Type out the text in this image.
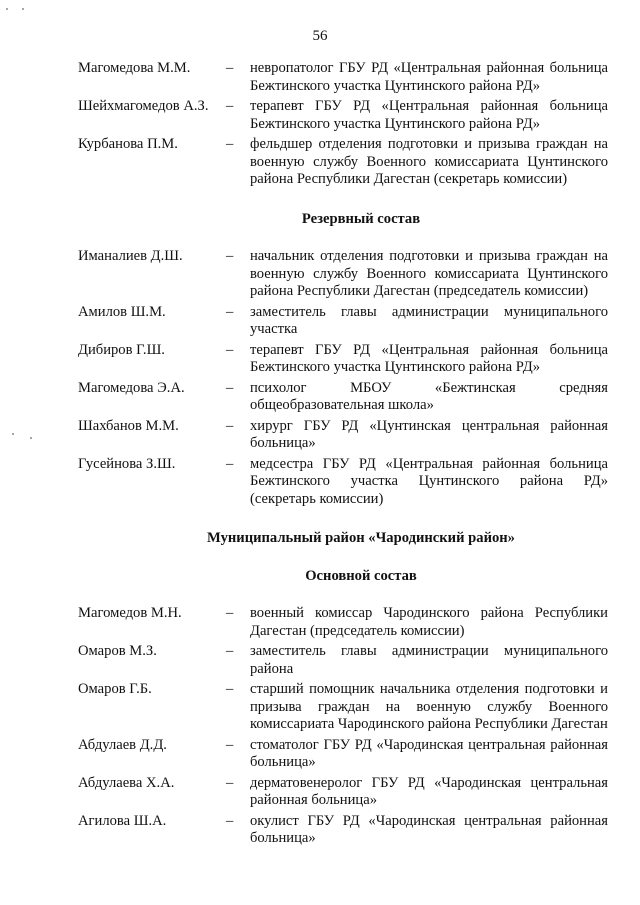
56
Магомедова М.М.	–	невропатолог ГБУ РД «Центральная районная больница Бежтинского участка Цунтинского района РД»
Шейхмагомедов А.З.	–	терапевт ГБУ РД «Центральная районная больница Бежтинского участка Цунтинского района РД»
Курбанова П.М.	–	фельдшер отделения подготовки и призыва граждан на военную службу Военного комиссариата Цунтинского района Республики Дагестан (секретарь комиссии)
Резервный состав
Иманалиев Д.Ш.	–	начальник отделения подготовки и призыва граждан на военную службу Военного комиссариата Цунтинского района Республики Дагестан (председатель комиссии)
Амилов Ш.М.	–	заместитель главы администрации муниципального участка
Дибиров Г.Ш.	–	терапевт ГБУ РД «Центральная районная больница Бежтинского участка Цунтинского района РД»
Магомедова Э.А.	–	психолог МБОУ «Бежтинская средняя общеобразовательная школа»
Шахбанов М.М.	–	хирург ГБУ РД «Цунтинская центральная районная больница»
Гусейнова З.Ш.	–	медсестра ГБУ РД «Центральная районная больница Бежтинского участка Цунтинского района РД» (секретарь комиссии)
Муниципальный район «Чародинский район»
Основной состав
Магомедов М.Н.	–	военный комиссар Чародинского района Республики Дагестан (председатель комиссии)
Омаров М.З.	–	заместитель главы администрации муниципального района
Омаров Г.Б.	–	старший помощник начальника отделения подготовки и призыва граждан на военную службу Военного комиссариата Чародинского района Республики Дагестан
Абдулаев Д.Д.	–	стоматолог ГБУ РД «Чародинская центральная районная больница»
Абдулаева Х.А.	–	дерматовенеролог ГБУ РД «Чародинская центральная районная больница»
Агилова Ш.А.	–	окулист ГБУ РД «Чародинская центральная районная больница»
